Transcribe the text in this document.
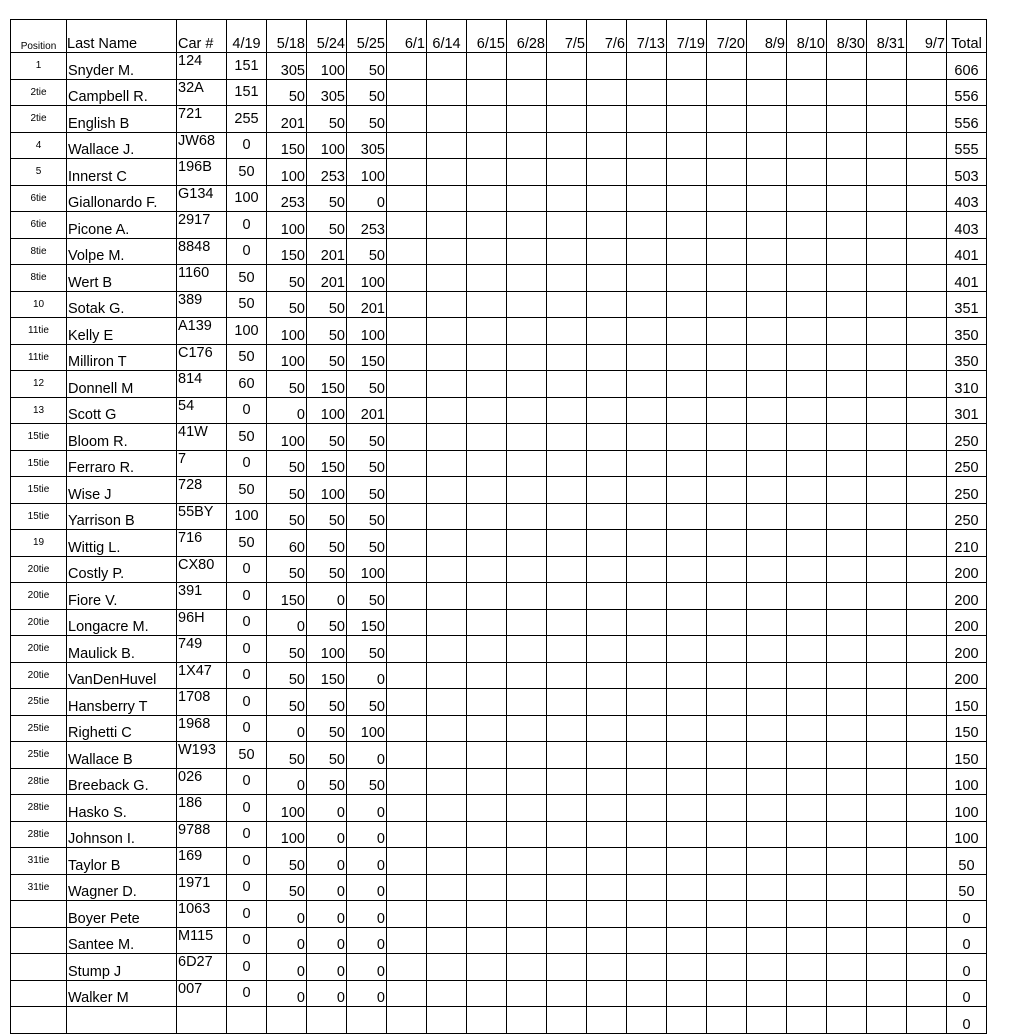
Position	Last Name	Car #	4/19	5/18	5/24	5/25	6/1	6/14	6/15	6/28	7/5	7/6	7/13	7/19	7/20	8/9	8/10	8/30	8/31	9/7	Total
1	Snyder M.	124	151	305	100	50															606
2tie	Campbell R.	32A	151	50	305	50															556
2tie	English B	721	255	201	50	50															556
4	Wallace J.	JW68	0	150	100	305															555
5	Innerst C	196B	50	100	253	100															503
6tie	Giallonardo F.	G134	100	253	50	0															403
6tie	Picone A.	2917	0	100	50	253															403
8tie	Volpe M.	8848	0	150	201	50															401
8tie	Wert B	1160	50	50	201	100															401
10	Sotak G.	389	50	50	50	201															351
11tie	Kelly E	A139	100	100	50	100															350
11tie	Milliron T	C176	50	100	50	150															350
12	Donnell M	814	60	50	150	50															310
13	Scott G	54	0	0	100	201															301
15tie	Bloom R.	41W	50	100	50	50															250
15tie	Ferraro R.	7	0	50	150	50															250
15tie	Wise J	728	50	50	100	50															250
15tie	Yarrison B	55BY	100	50	50	50															250
19	Wittig L.	716	50	60	50	50															210
20tie	Costly P.	CX80	0	50	50	100															200
20tie	Fiore V.	391	0	150	0	50															200
20tie	Longacre M.	96H	0	0	50	150															200
20tie	Maulick B.	749	0	50	100	50															200
20tie	VanDenHuvel	1X47	0	50	150	0															200
25tie	Hansberry T	1708	0	50	50	50															150
25tie	Righetti C	1968	0	0	50	100															150
25tie	Wallace B	W193	50	50	50	0															150
28tie	Breeback G.	026	0	0	50	50															100
28tie	Hasko S.	186	0	100	0	0															100
28tie	Johnson I.	9788	0	100	0	0															100
31tie	Taylor B	169	0	50	0	0															50
31tie	Wagner D.	1971	0	50	0	0															50
	Boyer Pete	1063	0	0	0	0															0
	Santee M.	M115	0	0	0	0															0
	Stump J	6D27	0	0	0	0															0
	Walker M	007	0	0	0	0															0
																					0
